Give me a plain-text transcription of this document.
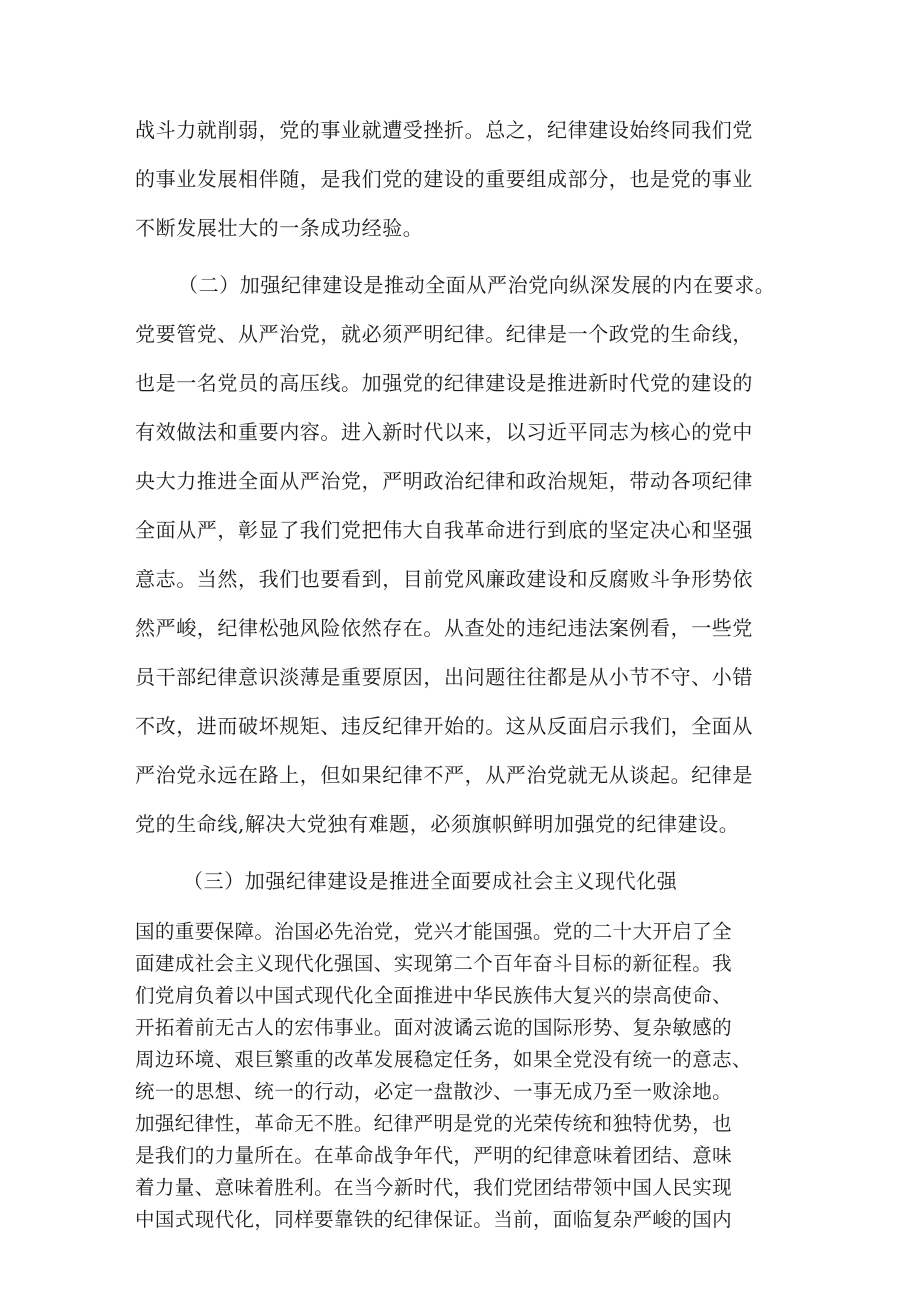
战斗力就削弱，党的事业就遭受挫折。总之，纪律建设始终同我们党
的事业发展相伴随，是我们党的建设的重要组成部分，也是党的事业
不断发展壮大的一条成功经验。
（二）加强纪律建设是推动全面从严治党向纵深发展的内在要求。
党要管党、从严治党，就必须严明纪律。纪律是一个政党的生命线，
也是一名党员的高压线。加强党的纪律建设是推进新时代党的建设的
有效做法和重要内容。进入新时代以来，以习近平同志为核心的党中
央大力推进全面从严治党，严明政治纪律和政治规矩，带动各项纪律
全面从严，彰显了我们党把伟大自我革命进行到底的坚定决心和坚强
意志。当然，我们也要看到，目前党风廉政建设和反腐败斗争形势依
然严峻，纪律松弛风险依然存在。从查处的违纪违法案例看，一些党
员干部纪律意识淡薄是重要原因，出问题往往都是从小节不守、小错
不改，进而破坏规矩、违反纪律开始的。这从反面启示我们，全面从
严治党永远在路上，但如果纪律不严，从严治党就无从谈起。纪律是
党的生命线,解决大党独有难题，必须旗帜鲜明加强党的纪律建设。
（三）加强纪律建设是推进全面要成社会主义现代化强
国的重要保障。治国必先治党，党兴才能国强。党的二十大开启了全
面建成社会主义现代化强国、实现第二个百年奋斗目标的新征程。我
们党肩负着以中国式现代化全面推进中华民族伟大复兴的崇高使命、
开拓着前无古人的宏伟事业。面对波谲云诡的国际形势、复杂敏感的
周边环境、艰巨繁重的改革发展稳定任务，如果全党没有统一的意志、
统一的思想、统一的行动，必定一盘散沙、一事无成乃至一败涂地。
加强纪律性，革命无不胜。纪律严明是党的光荣传统和独特优势，也
是我们的力量所在。在革命战争年代，严明的纪律意味着团结、意味
着力量、意味着胜利。在当今新时代，我们党团结带领中国人民实现
中国式现代化，同样要靠铁的纪律保证。当前，面临复杂严峻的国内
